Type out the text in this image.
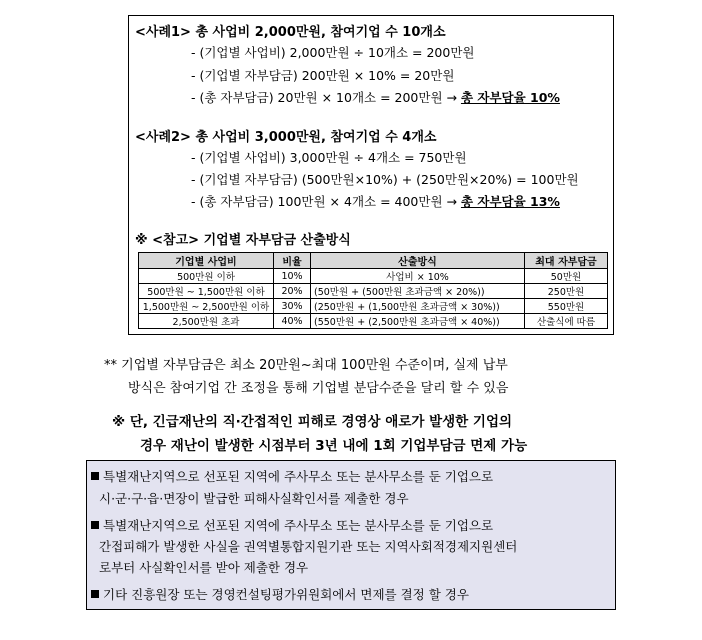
<사례1> 총 사업비 2,000만원, 참여기업 수 10개소
- (기업별 사업비) 2,000만원 ÷ 10개소 = 200만원
- (기업별 자부담금) 200만원 × 10% = 20만원
- (총 자부담금) 20만원 × 10개소 = 200만원 → 총 자부담율 10%
<사례2> 총 사업비 3,000만원, 참여기업 수 4개소
- (기업별 사업비) 3,000만원 ÷ 4개소 = 750만원
- (기업별 자부담금) (500만원×10%) + (250만원×20%) = 100만원
- (총 자부담금) 100만원 × 4개소 = 400만원 → 총 자부담율 13%
※ <참고> 기업별 자부담금 산출방식
기업별 사업비	비율	산출방식	최대 자부담금
500만원 이하	10%	사업비 × 10%	50만원
500만원 ~ 1,500만원 이하	20%	(50만원 + (500만원 초과금액 × 20%))	250만원
1,500만원 ~ 2,500만원 이하	30%	(250만원 + (1,500만원 초과금액 × 30%))	550만원
2,500만원 초과	40%	(550만원 + (2,500만원 초과금액 × 40%))	산출식에 따름
** 기업별 자부담금은 최소 20만원~최대 100만원 수준이며, 실제 납부
방식은 참여기업 간 조정을 통해 기업별 분담수준을 달리 할 수 있음
※ 단, 긴급재난의 직·간접적인 피해로 경영상 애로가 발생한 기업의
경우 재난이 발생한 시점부터 3년 내에 1회 기업부담금 면제 가능
특별재난지역으로 선포된 지역에 주사무소 또는 분사무소를 둔 기업으로
시·군·구·읍·면장이 발급한 피해사실확인서를 제출한 경우
특별재난지역으로 선포된 지역에 주사무소 또는 분사무소를 둔 기업으로
간접피해가 발생한 사실을 권역별통합지원기관 또는 지역사회적경제지원센터
로부터 사실확인서를 받아 제출한 경우
기타 진흥원장 또는 경영컨설팅평가위원회에서 면제를 결정 할 경우
